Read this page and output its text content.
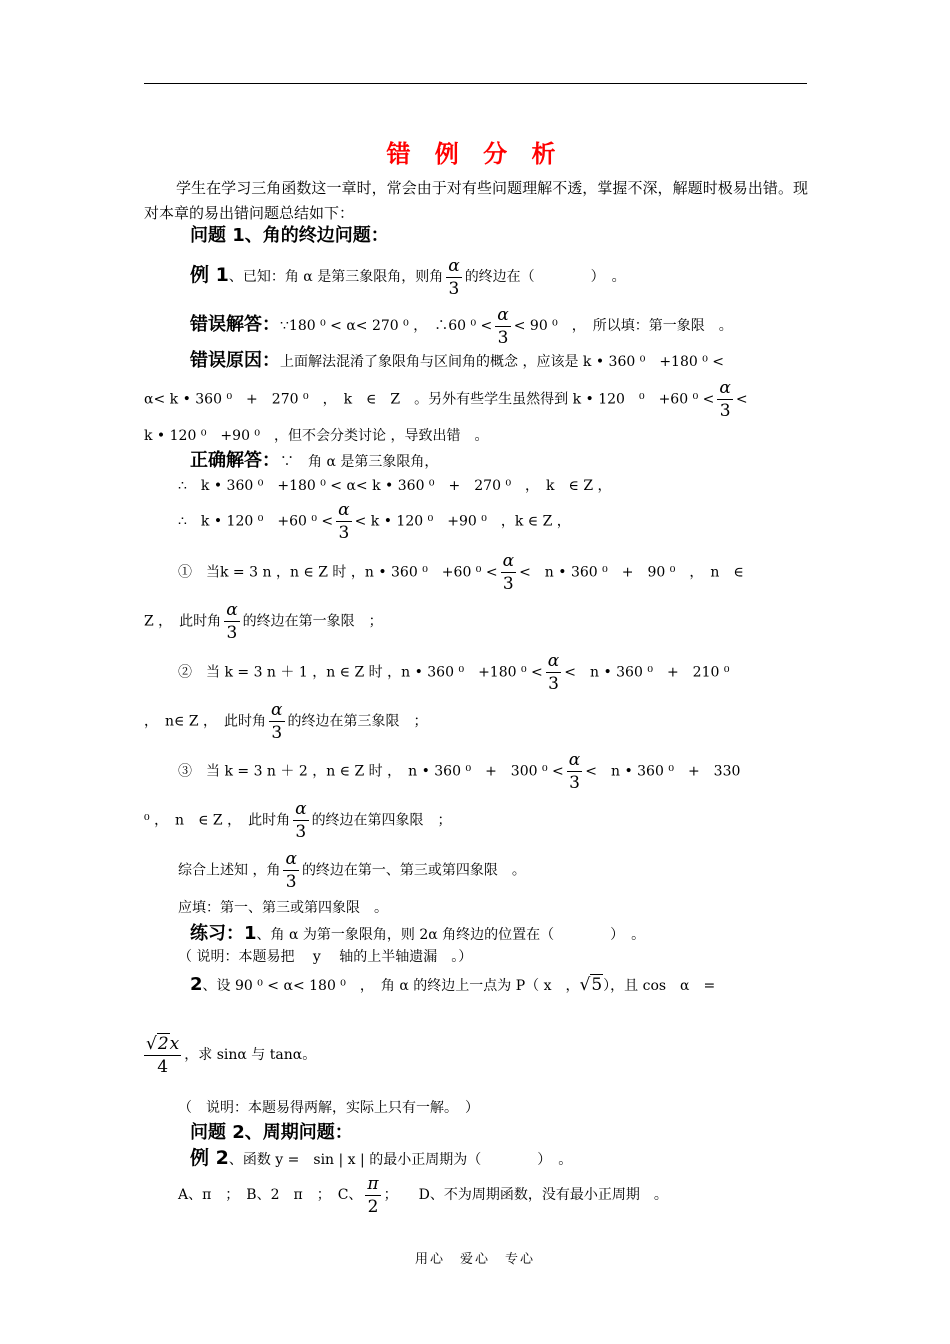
错 例 分 析
学生在学习三角函数这一章时，常会由于对有些问题理解不透，掌握不深，解题时极易出错。现对本章的易出错问题总结如下：
问题 1、角的终边问题：
例 1、已知：角 α 是第三象限角，则角 $\frac{\alpha}{3}$ 的终边在（　　　　）　。
错误解答：∵180 ⁰ < α< 270 ⁰ ，　∴60 $^0 < \frac{\alpha}{3} < 90$ ⁰　，　所以填：第一象限　。
错误原因：上面解法混淆了象限角与区间角的概念 ，应该是 k • 360 ⁰　+180 ⁰ <
α< k • 360 ⁰　+　270 ⁰　，　k　∈　Z　。另外有些学生虽然得到 k • 120　⁰　+60 $^0 < \frac{\alpha}{3}$ <
k • 120 ⁰　+90 ⁰　，但不会分类讨论 ，导致出错　。
正确解答：∵　角 α 是第三象限角，
∴　k • 360 ⁰　+180 ⁰ < α< k • 360 ⁰　+　270 ⁰　，　k　∈ Z ，
∴　k • 120 ⁰　+60 $^0 < \frac{\alpha}{3} < k$ • 120 ⁰　+90 ⁰　，k ∈ Z ，
①　当k = 3 n ，n ∈ Z 时 ，n • 360 ⁰　+60 $^0 < \frac{\alpha}{3}$ <　n • 360 ⁰　+　90 ⁰　，　n　∈
Z ，　此时角 $\frac{\alpha}{3}$ 的终边在第一象限　；
②　当 k = 3 n ＋ 1 ，n ∈ Z 时 ，n • 360 ⁰　+180 $^0 < \frac{\alpha}{3}$ <　n • 360 ⁰　+　210 ⁰
，　n∈ Z ，　此时角 $\frac{\alpha}{3}$ 的终边在第三象限　；
③　当 k = 3 n ＋ 2 ，n ∈ Z 时 ，　n • 360 ⁰　+　300 $^0 < \frac{\alpha}{3}$ <　n • 360 ⁰　+　330
⁰ ，　n　∈ Z ，　此时角 $\frac{\alpha}{3}$ 的终边在第四象限　；
综合上述知 ，角 $\frac{\alpha}{3}$ 的终边在第一、第三或第四象限　。
应填：第一、第三或第四象限　。
练习：1、角 α 为第一象限角，则 2α 角终边的位置在（　　　　）　。
（ 说明：本题易把　 y　 轴的上半轴遗漏　。）
2、设 90 ⁰ < α< 180 ⁰　，　角 α 的终边上一点为 P（ x　，√5），且 cos　α　=
$\frac{√2x}{4}$ ，求 sinα 与 tanα。
（　说明：本题易得两解，实际上只有一解。　）
问题 2、周期问题：
例 2、函数 y =　sin | x | 的最小正周期为（　　　　）　。
A、π　；　B、2　π　；　C、 $\frac{\pi}{2}$ ；　　D、不为周期函数，没有最小正周期　。
用心　爱心　专心
